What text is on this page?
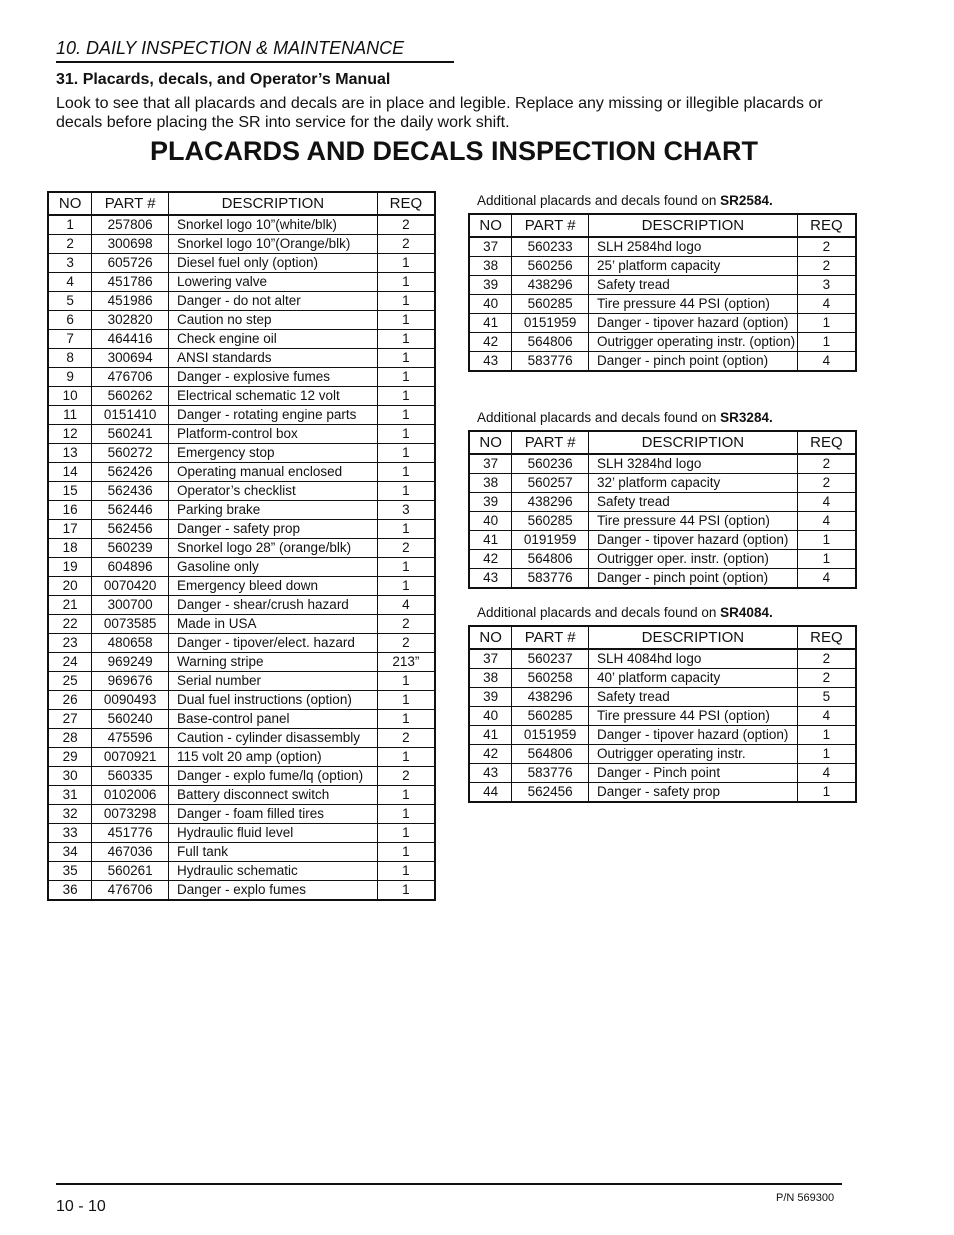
10. DAILY INSPECTION & MAINTENANCE
31. Placards, decals, and Operator’s Manual
Look to see that all placards and decals are in place and legible. Replace any missing or illegible placards or decals before placing the SR into service for the daily work shift.
PLACARDS AND DECALS INSPECTION CHART
NO	PART #	DESCRIPTION	REQ
1	257806	Snorkel logo 10”(white/blk)	2
2	300698	Snorkel logo 10”(Orange/blk)	2
3	605726	Diesel fuel only (option)	1
4	451786	Lowering valve	1
5	451986	Danger - do not alter	1
6	302820	Caution no step	1
7	464416	Check engine oil	1
8	300694	ANSI standards	1
9	476706	Danger - explosive fumes	1
10	560262	Electrical schematic 12 volt	1
11	0151410	Danger - rotating engine parts	1
12	560241	Platform-control box	1
13	560272	Emergency stop	1
14	562426	Operating manual enclosed	1
15	562436	Operator’s checklist	1
16	562446	Parking brake	3
17	562456	Danger - safety prop	1
18	560239	Snorkel logo 28” (orange/blk)	2
19	604896	Gasoline only	1
20	0070420	Emergency bleed down	1
21	300700	Danger - shear/crush hazard	4
22	0073585	Made in USA	2
23	480658	Danger - tipover/elect. hazard	2
24	969249	Warning stripe	213”
25	969676	Serial number	1
26	0090493	Dual fuel instructions (option)	1
27	560240	Base-control panel	1
28	475596	Caution - cylinder disassembly	2
29	0070921	115 volt 20 amp (option)	1
30	560335	Danger - explo fume/lq (option)	2
31	0102006	Battery disconnect switch	1
32	0073298	Danger - foam filled tires	1
33	451776	Hydraulic fluid level	1
34	467036	Full tank	1
35	560261	Hydraulic schematic	1
36	476706	Danger - explo fumes	1
Additional placards and decals found on SR2584.
NO	PART #	DESCRIPTION	REQ
37	560233	SLH 2584hd logo	2
38	560256	25’ platform capacity	2
39	438296	Safety tread	3
40	560285	Tire pressure 44 PSI (option)	4
41	0151959	Danger - tipover hazard (option)	1
42	564806	Outrigger operating instr. (option)	1
43	583776	Danger - pinch point (option)	4
Additional placards and decals found on SR3284.
NO	PART #	DESCRIPTION	REQ
37	560236	SLH 3284hd logo	2
38	560257	32’ platform capacity	2
39	438296	Safety tread	4
40	560285	Tire pressure 44 PSI (option)	4
41	0191959	Danger - tipover hazard (option)	1
42	564806	Outrigger oper. instr. (option)	1
43	583776	Danger - pinch point (option)	4
Additional placards and decals found on SR4084.
NO	PART #	DESCRIPTION	REQ
37	560237	SLH 4084hd logo	2
38	560258	40’ platform capacity	2
39	438296	Safety tread	5
40	560285	Tire pressure 44 PSI (option)	4
41	0151959	Danger - tipover hazard (option)	1
42	564806	Outrigger operating instr.	1
43	583776	Danger - Pinch point	4
44	562456	Danger - safety prop	1
10 - 10	P/N 569300
